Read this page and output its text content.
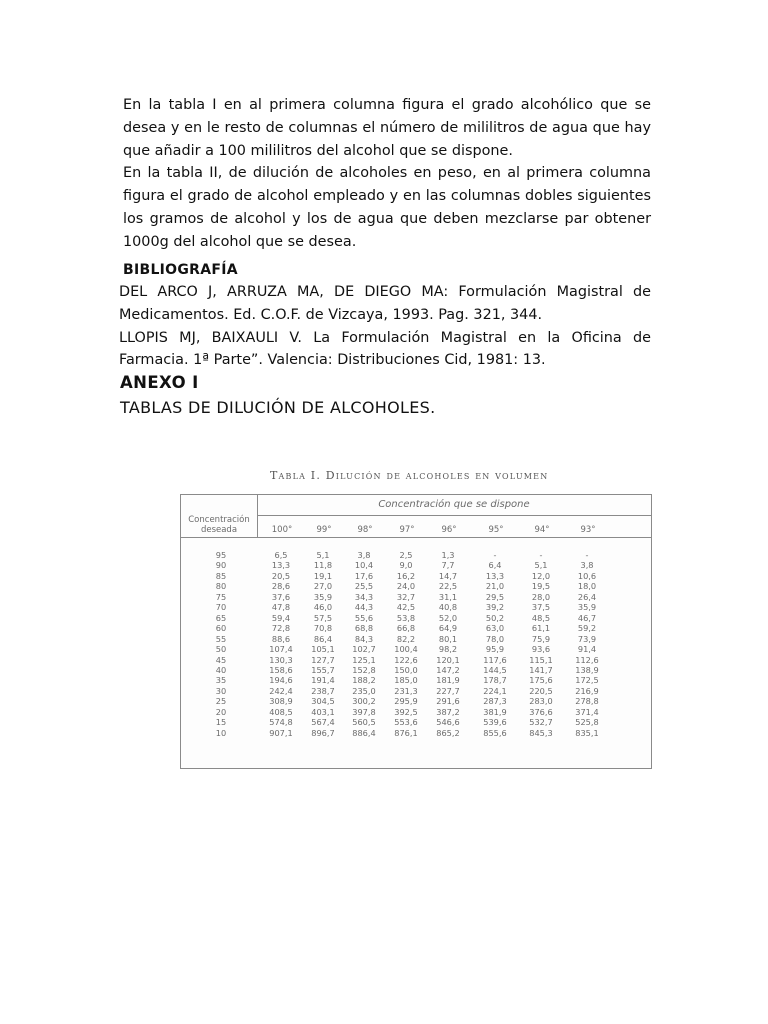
En la tabla I en al primera columna figura el grado alcohólico que se desea y en le resto de columnas el número de mililitros de agua que hay que añadir a 100 mililitros del alcohol que se dispone.

En la tabla II, de dilución de alcoholes en peso, en al primera columna figura el grado de alcohol empleado y en las columnas dobles siguientes los gramos de alcohol y los de agua que deben mezclarse par obtener 1000g del alcohol que se desea.

BIBLIOGRAFÍA

DEL ARCO J, ARRUZA MA, DE DIEGO MA: Formulación Magistral de Medicamentos. Ed. C.O.F. de Vizcaya, 1993. Pag. 321, 344.

LLOPIS MJ, BAIXAULI V. La Formulación Magistral en la Oficina de Farmacia. 1ª Parte”. Valencia: Distribuciones Cid, 1981: 13.

ANEXO I
TABLAS DE DILUCIÓN DE ALCOHOLES.
Tabla I. Dilución de alcoholes en volumen
Concentración que se dispone
Concentración deseada	100°	99°	98°	97°	96°	95°	94°	93°
95	6,5	5,1	3,8	2,5	1,3	-	-	-
90	13,3	11,8	10,4	9,0	7,7	6,4	5,1	3,8
85	20,5	19,1	17,6	16,2	14,7	13,3	12,0	10,6
80	28,6	27,0	25,5	24,0	22,5	21,0	19,5	18,0
75	37,6	35,9	34,3	32,7	31,1	29,5	28,0	26,4
70	47,8	46,0	44,3	42,5	40,8	39,2	37,5	35,9
65	59,4	57,5	55,6	53,8	52,0	50,2	48,5	46,7
60	72,8	70,8	68,8	66,8	64,9	63,0	61,1	59,2
55	88,6	86,4	84,3	82,2	80,1	78,0	75,9	73,9
50	107,4	105,1	102,7	100,4	98,2	95,9	93,6	91,4
45	130,3	127,7	125,1	122,6	120,1	117,6	115,1	112,6
40	158,6	155,7	152,8	150,0	147,2	144,5	141,7	138,9
35	194,6	191,4	188,2	185,0	181,9	178,7	175,6	172,5
30	242,4	238,7	235,0	231,3	227,7	224,1	220,5	216,9
25	308,9	304,5	300,2	295,9	291,6	287,3	283,0	278,8
20	408,5	403,1	397,8	392,5	387,2	381,9	376,6	371,4
15	574,8	567,4	560,5	553,6	546,6	539,6	532,7	525,8
10	907,1	896,7	886,4	876,1	865,2	855,6	845,3	835,1
